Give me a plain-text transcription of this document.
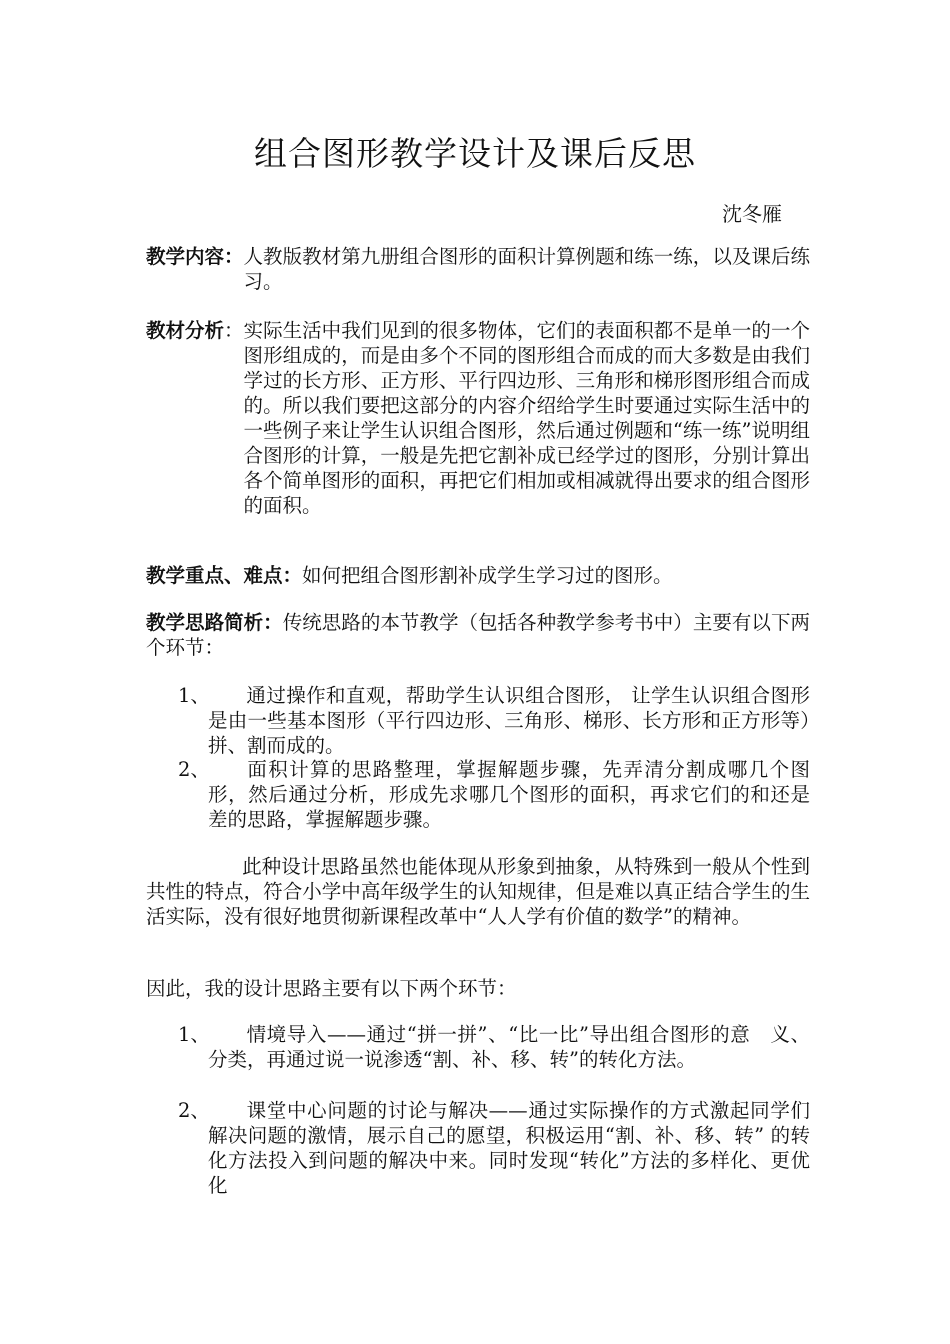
组合图形教学设计及课后反思
沈冬雁
教学内容： 人教版教材第九册组合图形的面积计算例题和练一练，以及课后练习。
教材分析： 实际生活中我们见到的很多物体，它们的表面积都不是单一的一个图形组成的，而是由多个不同的图形组合而成的而大多数是由我们学过的长方形、正方形、平行四边形、三角形和梯形图形组合而成的。所以我们要把这部分的内容介绍给学生时要通过实际生活中的一些例子来让学生认识组合图形，然后通过例题和“练一练”说明组合图形的计算，一般是先把它割补成已经学过的图形，分别计算出各个简单图形的面积，再把它们相加或相减就得出要求的组合图形的面积。
教学重点、难点：如何把组合图形割补成学生学习过的图形。
教学思路简析：传统思路的本节教学（包括各种教学参考书中）主要有以下两个环节：
1、	通过操作和直观，帮助学生认识组合图形， 让学生认识组合图形是由一些基本图形（平行四边形、三角形、梯形、长方形和正方形等）拼、割而成的。
2、	面积计算的思路整理，掌握解题步骤，先弄清分割成哪几个图形，然后通过分析，形成先求哪几个图形的面积，再求它们的和还是差的思路，掌握解题步骤。
此种设计思路虽然也能体现从形象到抽象，从特殊到一般从个性到共性的特点，符合小学中高年级学生的认知规律，但是难以真正结合学生的生活实际，没有很好地贯彻新课程改革中“人人学有价值的数学”的精神。
因此，我的设计思路主要有以下两个环节：
1、	情境导入——通过“拼一拼”、“比一比”导出组合图形的意　义、分类，再通过说一说渗透“割、补、移、转”的转化方法。
2、	课堂中心问题的讨论与解决——通过实际操作的方式激起同学们解决问题的激情，展示自己的愿望，积极运用“割、补、移、转” 的转化方法投入到问题的解决中来。同时发现“转化”方法的多样化、更优化
